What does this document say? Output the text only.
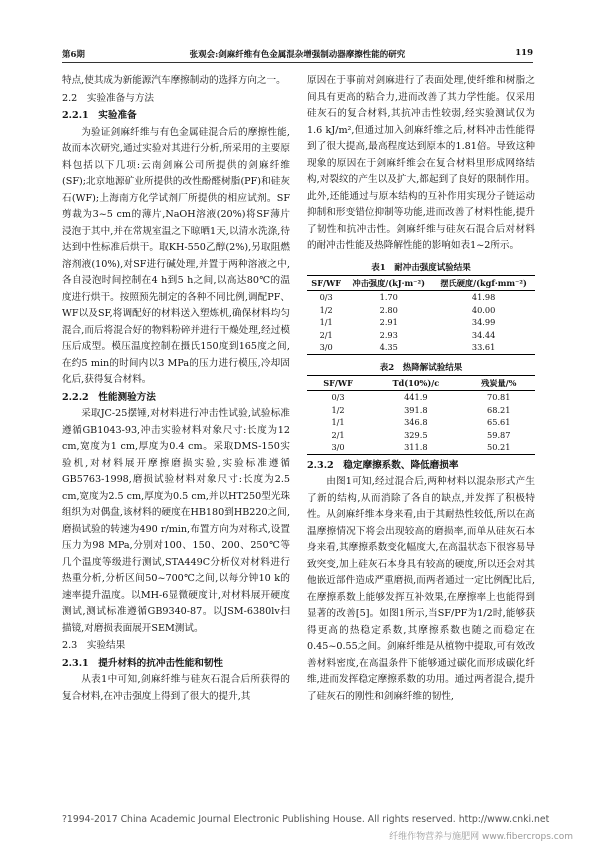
第6期	张观会:剑麻纤维有色金属混杂增强制动器摩擦性能的研究	119

特点,使其成为新能源汽车摩擦制动的选择方向之一。

2.2　实验准备与方法

2.2.1　实验准备

为验证剑麻纤维与有色金属硅混合后的摩擦性能,故而本次研究,通过实验对其进行分析,所采用的主要原料包括以下几项:云南剑麻公司所提供的剑麻纤维(SF);北京地源矿业所提供的改性酚醛树脂(PF)和硅灰石(WF);上海南方化学试剂厂所提供的相应试剂。SF剪裁为3~5 cm的薄片,NaOH溶液(20%)将SF薄片浸泡于其中,并在常规室温之下晾晒1天,以清水洗涤,待达到中性标准后烘干。取KH-550乙醇(2%),另取阻燃溶剂液(10%),对SF进行碱处理,并置于两种溶液之中,各自浸泡时间控制在4 h到5 h之间,以高达80℃的温度进行烘干。按照预先制定的各种不同比例,调配PF、WF以及SF,将调配好的材料送入塑炼机,确保材料均匀混合,而后将混合好的物料粉碎并进行干燥处理,经过模压后成型。模压温度控制在摄氏150度到165度之间,在约5 min的时间内以3 MPa的压力进行模压,冷却固化后,获得复合材料。

2.2.2　性能测验方法

采取JC-25摆锤,对材料进行冲击性试验,试验标准遵循GB1043-93,冲击实验材料对象尺寸:长度为12 cm,宽度为1 cm,厚度为0.4 cm。采取DMS-150实验机,对材料展开摩擦磨损实验,实验标准遵循GB5763-1998,磨损试验材料对象尺寸:长度为2.5 cm,宽度为2.5 cm,厚度为0.5 cm,并以HT250型光珠组织为对偶盘,该材料的硬度在HB180到HB220之间,磨损试验的转速为490 r/min,布置方向为对称式,设置压力为98 MPa,分别对100、150、200、250℃等几个温度等级进行测试,STA449C分析仪对材料进行热重分析,分析区间50~700℃之间,以每分钟10 k的速率提升温度。以MH-6显微硬度计,对材料展开硬度测试,测试标准遵循GB9340-87。以JSM-6380lv扫描镜,对磨损表面展开SEM测试。

2.3　实验结果

2.3.1　提升材料的抗冲击性能和韧性

从表1中可知,剑麻纤维与硅灰石混合后所获得的复合材料,在冲击强度上得到了很大的提升,其

原因在于事前对剑麻进行了表面处理,使纤维和树脂之间具有更高的粘合力,进而改善了其力学性能。仅采用硅灰石的复合材料,其抗冲击性较弱,经实验测试仅为1.6 kJ/m²,但通过加入剑麻纤维之后,材料冲击性能得到了很大提高,最高程度达到原本的1.81倍。导致这种现象的原因在于剑麻纤维会在复合材料里形成网络结构,对裂纹的产生以及扩大,都起到了良好的限制作用。此外,还能通过与原本结构的互补作用实现分子链运动抑制和形变错位抑制等功能,进而改善了材料性能,提升了韧性和抗冲击性。剑麻纤维与硅灰石混合后对材料的耐冲击性能及热降解性能的影响如表1~2所示。

表1　耐冲击强度试验结果
SF/WF	冲击强度/(kJ·m⁻²)	摆氏硬度/(kgf·mm⁻²)
0/3	1.70	41.98
1/2	2.80	40.00
1/1	2.91	34.99
2/1	2.93	34.44
3/0	4.35	33.61
表2　热降解试验结果
SF/WF	Td(10%)/c	残炭量/%
0/3	441.9	70.81
1/2	391.8	68.21
1/1	346.8	65.61
2/1	329.5	59.87
3/0	311.8	50.21

2.3.2　稳定摩擦系数、降低磨损率

由图1可知,经过混合后,两种材料以混杂形式产生了新的结构,从而消除了各自的缺点,并发挥了积极特性。从剑麻纤维本身来看,由于其耐热性较低,所以在高温摩擦情况下将会出现较高的磨损率,而单从硅灰石本身来看,其摩擦系数变化幅度大,在高温状态下很容易导致突变,加上硅灰石本身具有较高的硬度,所以还会对其他嵌近部件造成严重磨损,而两者通过一定比例配比后,在摩擦系数上能够发挥互补效果,在摩擦率上也能得到显著的改善[5]。如图1所示,当SF/PF为1/2时,能够获得更高的热稳定系数,其摩擦系数也随之而稳定在0.45~0.55之间。剑麻纤维是从植物中提取,可有效改善材料密度,在高温条件下能够通过碳化而形成碳化纤维,进而发挥稳定摩擦系数的功用。通过两者混合,提升了硅灰石的刚性和剑麻纤维的韧性,

?1994-2017 China Academic Journal Electronic Publishing House. All rights reserved. http://www.cnki.net
纤维作物营养与施肥网 www.fibercrops.com
